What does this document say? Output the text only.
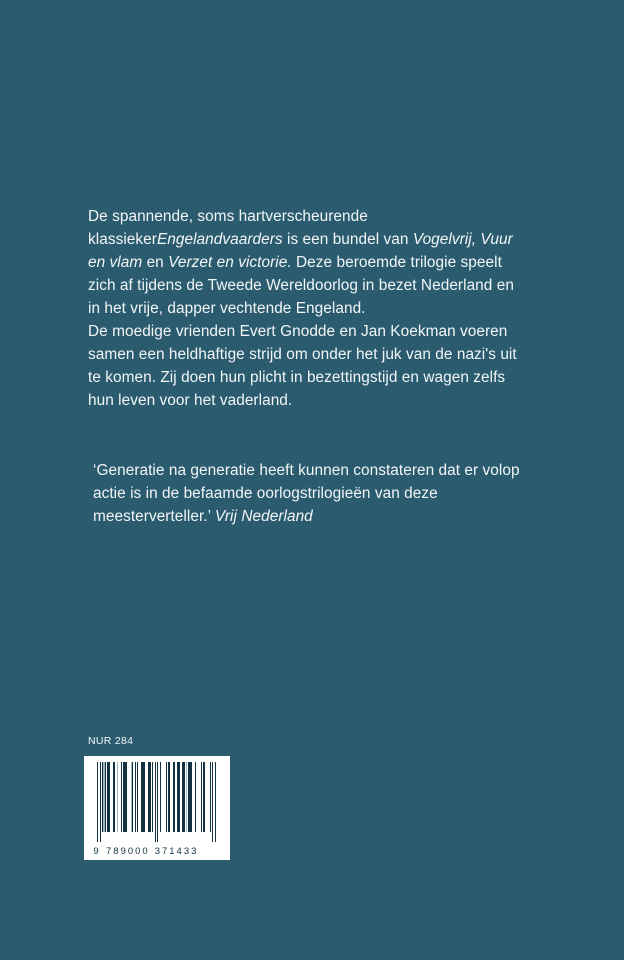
De spannende, soms hartverscheurende klassiekerEngelandvaarders is een bundel van Vogelvrij, Vuur en vlam en Verzet en victorie. Deze beroemde trilogie speelt zich af tijdens de Tweede Wereldoorlog in bezet Nederland en in het vrije, dapper vechtende Engeland.

De moedige vrienden Evert Gnodde en Jan Koekman voeren samen een heldhaftige strijd om onder het juk van de nazi's uit te komen. Zij doen hun plicht in bezettingstijd en wagen zelfs hun leven voor het vaderland.

‘Generatie na generatie heeft kunnen constateren dat er volop actie is in de befaamde oorlogstrilogieën van deze meesterverteller.’ Vrij Nederland

NUR 284
9 789000 371433
